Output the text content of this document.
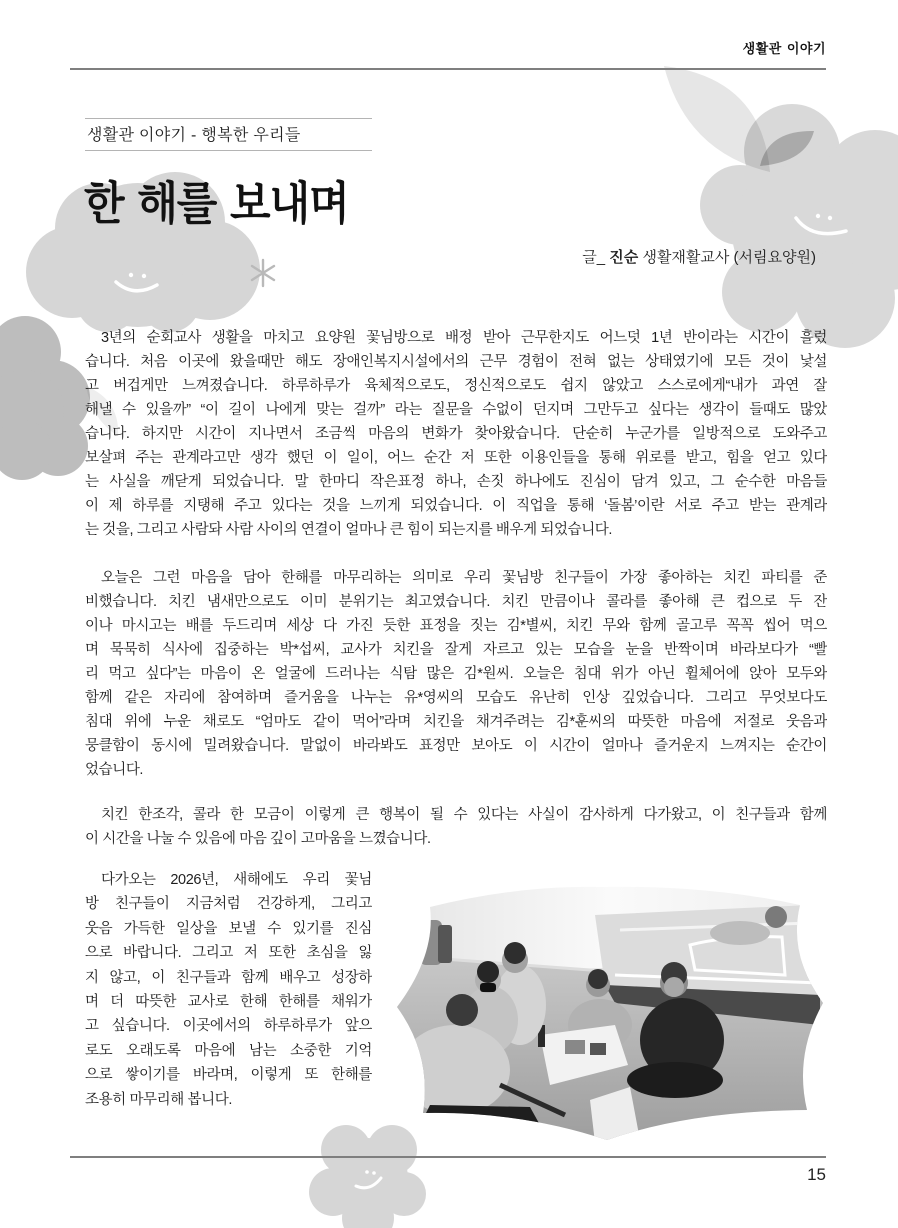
생활관 이야기
생활관 이야기 - 행복한 우리들
한 해를 보내며
글_ 진순 생활재활교사 (서림요양원)
3년의 순회교사 생활을 마치고 요양원 꽃님방으로 배정 받아 근무한지도 어느덧 1년 반이라는 시간이 흘렀
습니다. 처음 이곳에 왔을때만 해도 장애인복지시설에서의 근무 경험이 전혀 없는 상태였기에 모든 것이 낯설
고 버겁게만 느껴졌습니다. 하루하루가 육체적으로도, 정신적으로도 쉽지 않았고 스스로에게“내가 과연 잘
해낼 수 있을까” “이 길이 나에게 맞는 걸까” 라는 질문을 수없이 던지며 그만두고 싶다는 생각이 들때도 많았
습니다. 하지만 시간이 지나면서 조금씩 마음의 변화가 찾아왔습니다. 단순히 누군가를 일방적으로 도와주고
보살펴 주는 관계라고만 생각 했던 이 일이, 어느 순간 저 또한 이용인들을 통해 위로를 받고, 힘을 얻고 있다
는 사실을 깨닫게 되었습니다. 말 한마디 작은표정 하나, 손짓 하나에도 진심이 담겨 있고, 그 순수한 마음들
이 제 하루를 지탱해 주고 있다는 것을 느끼게 되었습니다. 이 직업을 통해 ‘돌봄’이란 서로 주고 받는 관계라
는 것을, 그리고 사람돠 사람 사이의 연결이 얼마나 큰 힘이 되는지를 배우게 되었습니다.
오늘은 그런 마음을 담아 한해를 마무리하는 의미로 우리 꽃님방 친구들이 가장 좋아하는 치킨 파티를 준
비했습니다. 치킨 냄새만으로도 이미 분위기는 최고였습니다. 치킨 만큼이나 콜라를 좋아해 큰 컵으로 두 잔
이나 마시고는 배를 두드리며 세상 다 가진 듯한 표정을 짓는 김*별씨, 치킨 무와 함께 골고루 꼭꼭 씹어 먹으
며 묵묵히 식사에 집중하는 박*섭씨, 교사가 치킨을 잘게 자르고 있는 모습을 눈을 반짝이며 바라보다가 “빨
리 먹고 싶다”는 마음이 온 얼굴에 드러나는 식탐 많은 김*원씨. 오늘은 침대 위가 아닌 휠체어에 앉아 모두와
함께 같은 자리에 참여하며 즐거움을 나누는 유*영씨의 모습도 유난히 인상 깊었습니다. 그리고 무엇보다도
침대 위에 누운 채로도 “엄마도 같이 먹어”라며 치킨을 채겨주려는 김*훈씨의 따뜻한 마음에 저절로 웃음과
뭉클함이 동시에 밀려왔습니다. 말없이 바라봐도 표정만 보아도 이 시간이 얼마나 즐거운지 느껴지는 순간이
었습니다.
치킨 한조각, 콜라 한 모금이 이렇게 큰 행복이 될 수 있다는 사실이 감사하게 다가왔고, 이 친구들과 함께
이 시간을 나눌 수 있음에 마음 깊이 고마움을 느꼈습니다.
다가오는 2026년, 새해에도 우리 꽃님
방 친구들이 지금처럼 건강하게, 그리고
웃음 가득한 일상을 보낼 수 있기를 진심
으로 바랍니다. 그리고 저 또한 초심을 잃
지 않고, 이 친구들과 함께 배우고 성장하
며 더 따뜻한 교사로 한해 한해를 채워가
고 싶습니다. 이곳에서의 하루하루가 앞으
로도 오래도록 마음에 남는 소중한 기억
으로 쌓이기를 바라며, 이렇게 또 한해를
조용히 마무리해 봅니다.
15
